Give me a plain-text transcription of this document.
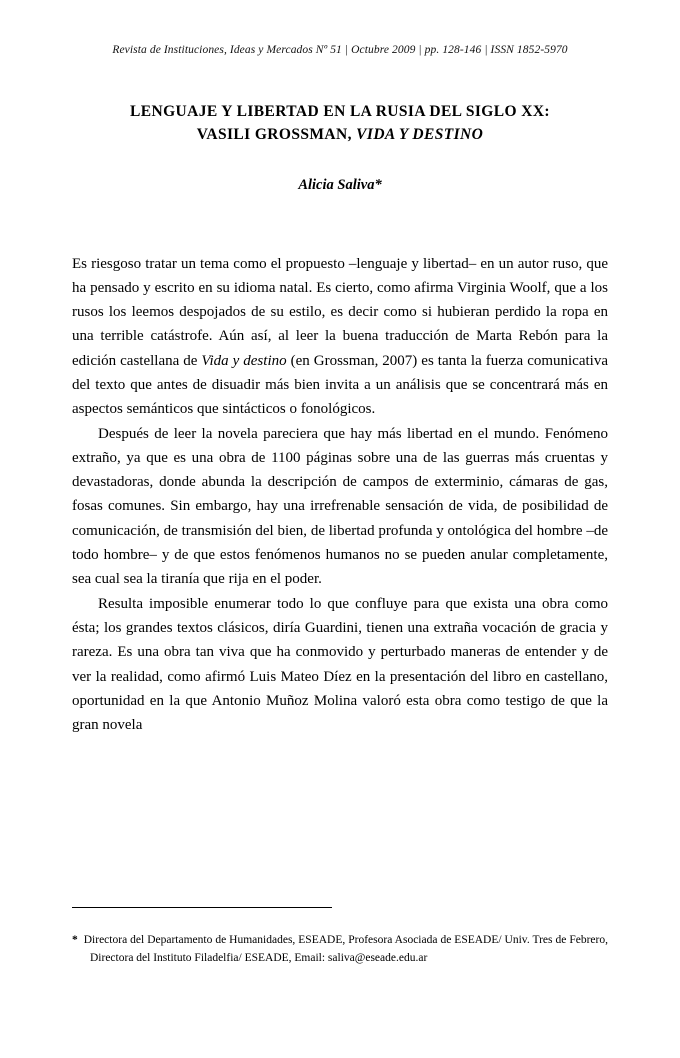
Revista de Instituciones, Ideas y Mercados Nº 51 | Octubre 2009 | pp. 128-146 | ISSN 1852-5970
LENGUAJE Y LIBERTAD EN LA RUSIA DEL SIGLO XX:
VASILI GROSSMAN, VIDA Y DESTINO
Alicia Saliva*

Es riesgoso tratar un tema como el propuesto –lenguaje y libertad– en un autor ruso, que ha pensado y escrito en su idioma natal. Es cierto, como afirma Virginia Woolf, que a los rusos los leemos despojados de su estilo, es decir como si hubieran perdido la ropa en una terrible catástrofe. Aún así, al leer la buena traducción de Marta Rebón para la edición castellana de Vida y destino (en Grossman, 2007) es tanta la fuerza comunicativa del texto que antes de disuadir más bien invita a un análisis que se concentrará más en aspectos semánticos que sintácticos o fonológicos.

Después de leer la novela pareciera que hay más libertad en el mundo. Fenómeno extraño, ya que es una obra de 1100 páginas sobre una de las guerras más cruentas y devastadoras, donde abunda la descripción de campos de exterminio, cámaras de gas, fosas comunes. Sin embargo, hay una irrefrenable sensación de vida, de posibilidad de comunicación, de transmisión del bien, de libertad profunda y ontológica del hombre –de todo hombre– y de que estos fenómenos humanos no se pueden anular completamente, sea cual sea la tiranía que rija en el poder.

Resulta imposible enumerar todo lo que confluye para que exista una obra como ésta; los grandes textos clásicos, diría Guardini, tienen una extraña vocación de gracia y rareza. Es una obra tan viva que ha conmovido y perturbado maneras de entender y de ver la realidad, como afirmó Luis Mateo Díez en la presentación del libro en castellano, oportunidad en la que Antonio Muñoz Molina valoró esta obra como testigo de que la gran novela

* Directora del Departamento de Humanidades, ESEADE, Profesora Asociada de ESEADE/ Univ. Tres de Febrero, Directora del Instituto Filadelfia/ ESEADE, Email: saliva@eseade.edu.ar
